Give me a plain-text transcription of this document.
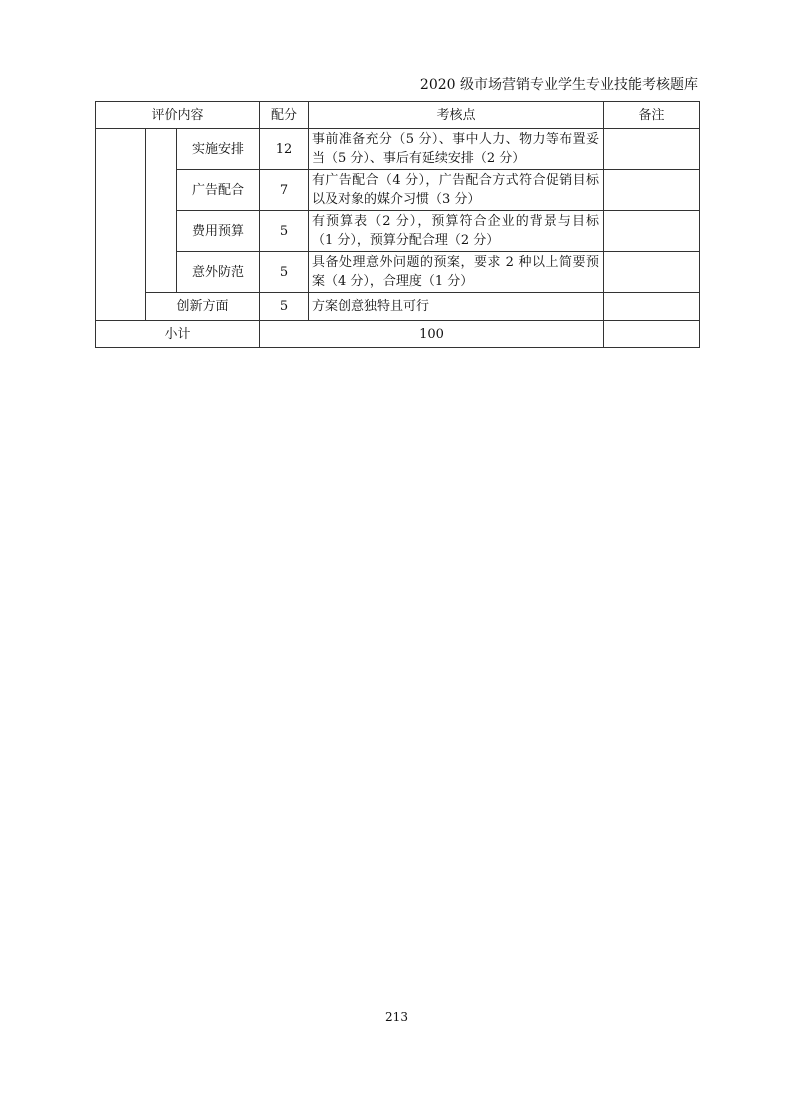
2020 级市场营销专业学生专业技能考核题库
评价内容			配分	考核点	备注
		实施安排	12	事前准备充分（5 分）、事中人力、物力等布置妥当（5 分）、事后有延续安排（2 分）	
		广告配合	7	有广告配合（4 分），广告配合方式符合促销目标以及对象的媒介习惯（3 分）	
		费用预算	5	有预算表（2 分），预算符合企业的背景与目标（1 分），预算分配合理（2 分）	
		意外防范	5	具备处理意外问题的预案，要求 2 种以上简要预案（4 分），合理度（1 分）	
	创新方面		5	方案创意独特且可行	
小计			100		
213
